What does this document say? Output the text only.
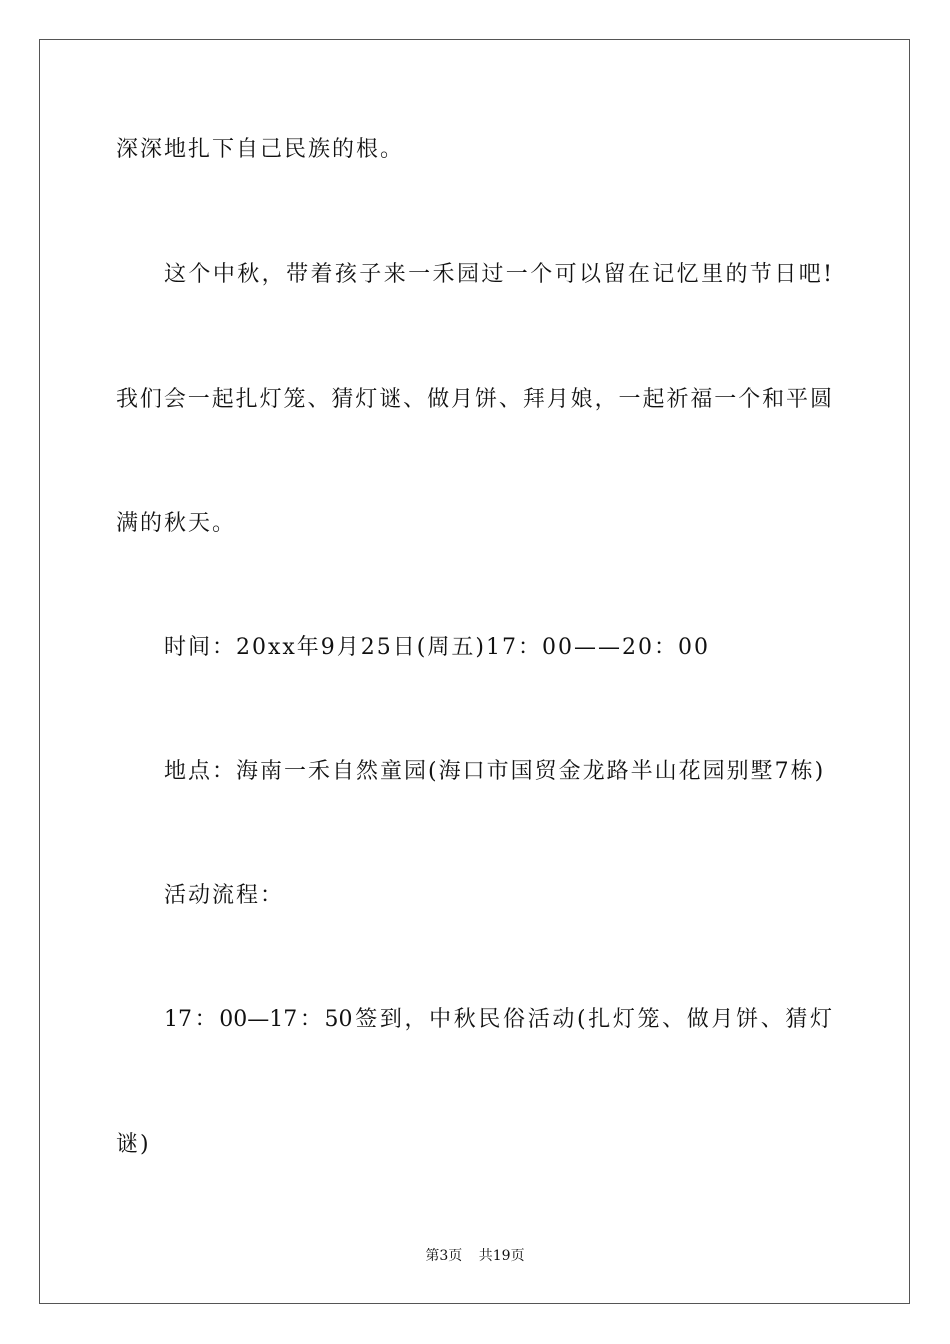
深深地扎下自己民族的根。
这个中秋，带着孩子来一禾园过一个可以留在记忆里的节日吧!
我们会一起扎灯笼、猜灯谜、做月饼、拜月娘，一起祈福一个和平圆
满的秋天。
时间：20xx年9月25日(周五)17：00——20：00
地点：海南一禾自然童园(海口市国贸金龙路半山花园别墅7栋)
活动流程：
17：00—17：50签到，中秋民俗活动(扎灯笼、做月饼、猜灯
谜)
第3页 共19页
